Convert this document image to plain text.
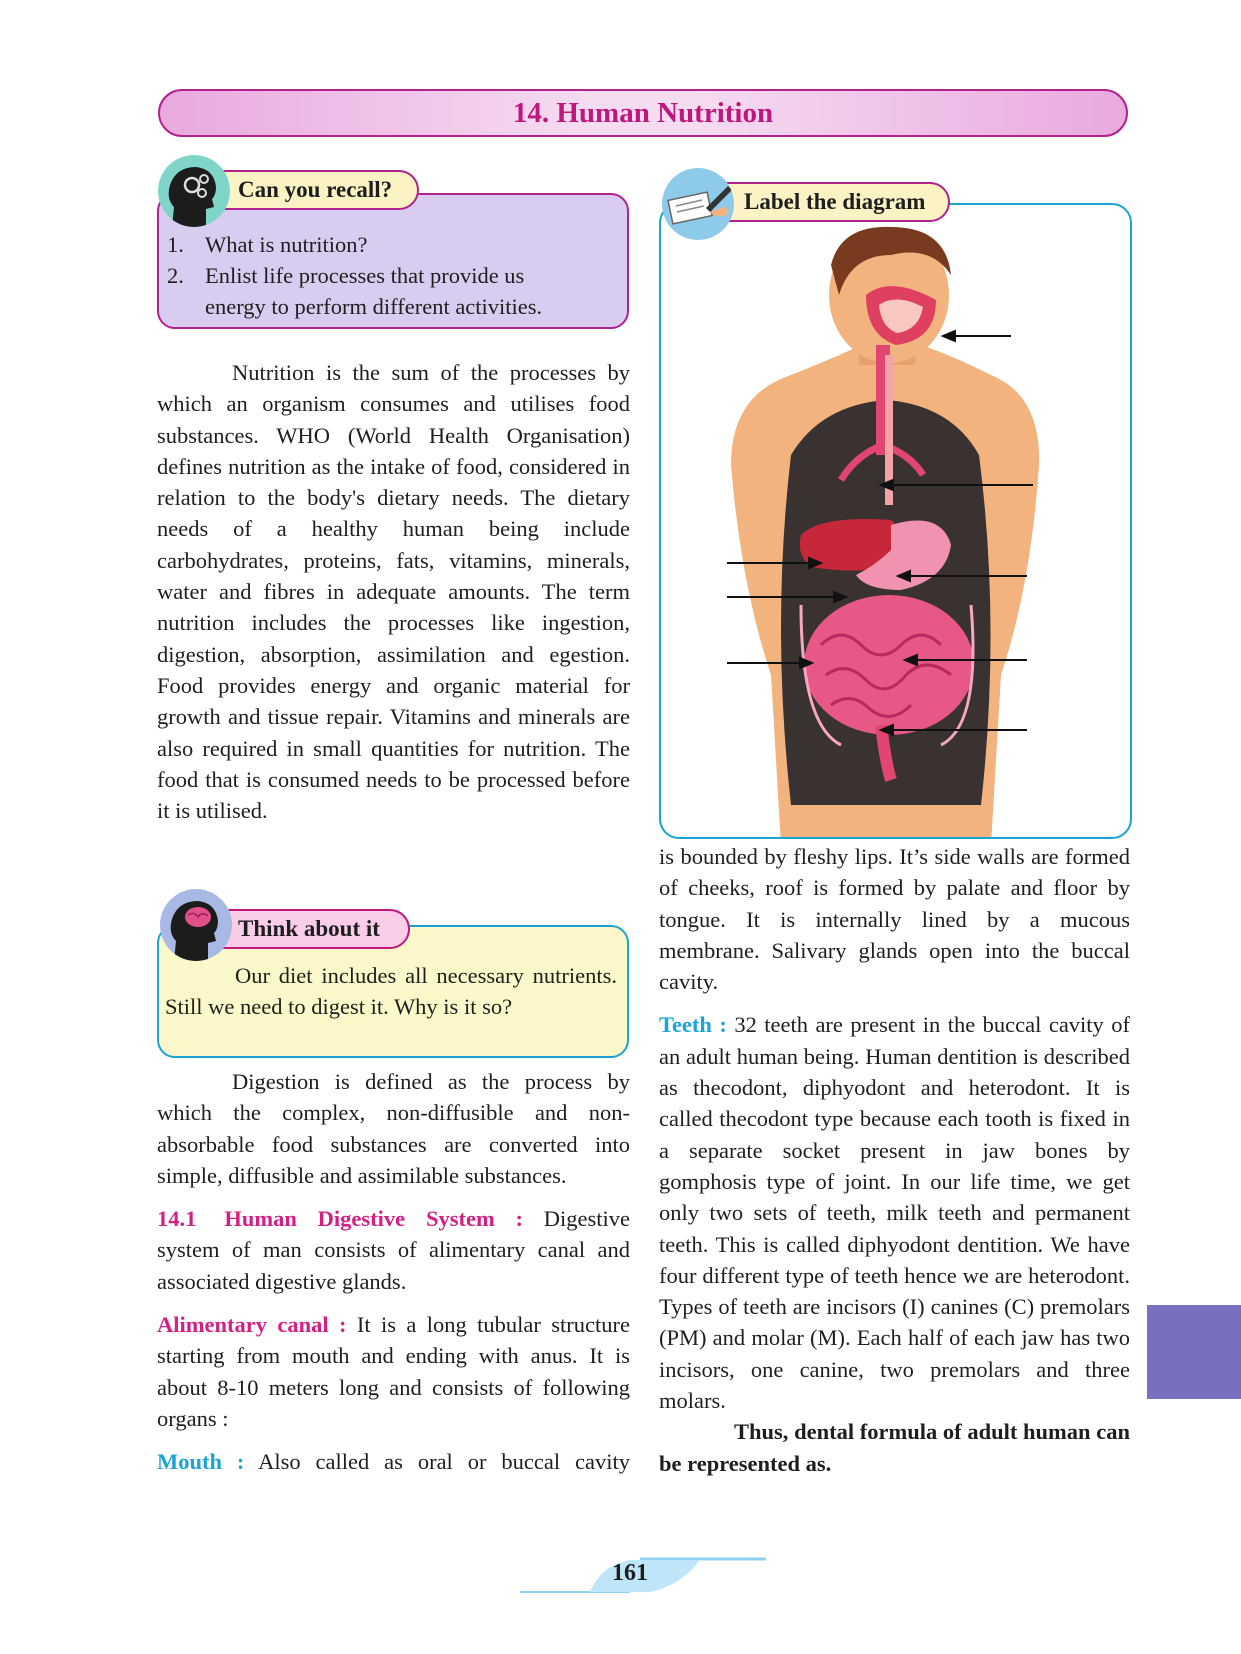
14. Human Nutrition
1. What is nutrition?
2. Enlist life processes that provide us energy to perform different activities.
Can you recall?

Nutrition is the sum of the processes by which an organism consumes and utilises food substances. WHO (World Health Organisation) defines nutrition as the intake of food, considered in relation to the body's dietary needs. The dietary needs of a healthy human being include carbohydrates, proteins, fats, vitamins, minerals, water and fibres in adequate amounts. The term nutrition includes the processes like ingestion, digestion, absorption, assimilation and egestion. Food provides energy and organic material for growth and tissue repair. Vitamins and minerals are also required in small quantities for nutrition. The food that is consumed needs to be processed before it is utilised.

Our diet includes all necessary nutrients. Still we need to digest it. Why is it so?
Think about it

Digestion is defined as the process by which the complex, non-diffusible and non-absorbable food substances are converted into simple, diffusible and assimilable substances.

14.1 Human Digestive System : Digestive system of man consists of alimentary canal and associated digestive glands.

Alimentary canal : It is a long tubular structure starting from mouth and ending with anus. It is about 8-10 meters long and consists of following organs :

Mouth : Also called as oral or buccal cavity

Label the diagram

is bounded by fleshy lips. It’s side walls are formed of cheeks, roof is formed by palate and floor by tongue. It is internally lined by a mucous membrane. Salivary glands open into the buccal cavity.

Teeth : 32 teeth are present in the buccal cavity of an adult human being. Human dentition is described as thecodont, diphyodont and heterodont. It is called thecodont type because each tooth is fixed in a separate socket present in jaw bones by gomphosis type of joint. In our life time, we get only two sets of teeth, milk teeth and permanent teeth. This is called diphyodont dentition. We have four different type of teeth hence we are heterodont. Types of teeth are incisors (I) canines (C) premolars (PM) and molar (M). Each half of each jaw has two incisors, one canine, two premolars and three molars.

Thus, dental formula of adult human can be represented as.

161
